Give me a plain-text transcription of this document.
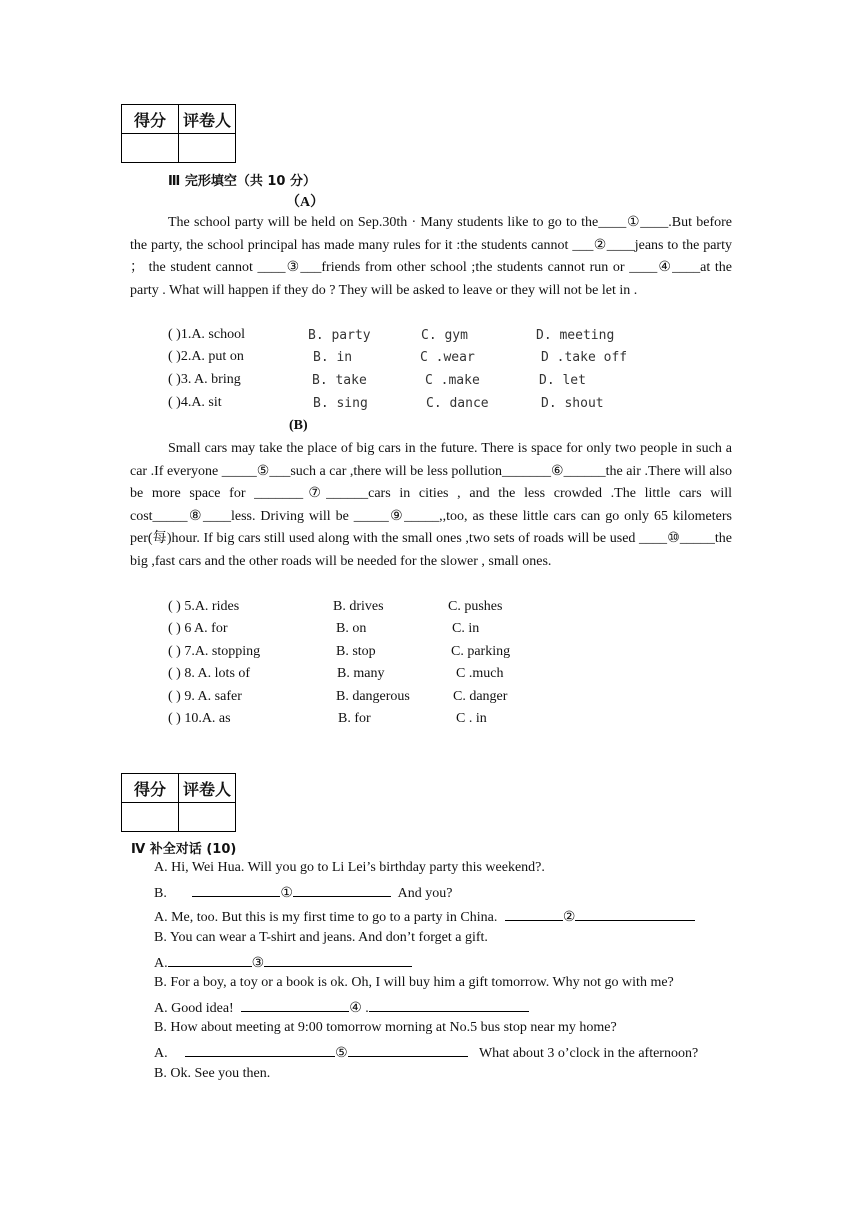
得分	评卷人

Ⅲ 完形填空（共 10 分）
（A）

The school party will be held on Sep.30th · Many students like to go to the____①____.But before the party, the school principal has made many rules for it :the students cannot ___②____jeans to the party ； the student cannot ____③___friends from other school ;the students cannot run or ____④____at the party . What will happen if they do ? They will be asked to leave or they will not be let in .

( )1.A. school	B. party	C. gym	D. meeting
( )2.A. put on	B. in	C .wear	D .take off
( )3. A. bring	B. take	C .make	D. let
( )4.A. sit	B. sing	C. dance	D. shout
(B)

Small cars may take the place of big cars in the future. There is space for only two people in such a car .If everyone _____⑤___such a car ,there will be less pollution_______⑥______the air .There will also be more space for _______⑦______cars in cities , and the less crowded .The little cars will cost_____⑧____less. Driving will be _____⑨_____,,too, as these little cars can go only 65 kilometers per(每)hour. If big cars still used along with the small ones ,two sets of roads will be used ____⑩_____the big ,fast cars and the other roads will be needed for the slower , small ones.

( ) 5.A. rides	B. drives	C. pushes
( ) 6 A. for	B. on	C. in
( ) 7.A. stopping	B. stop	C. parking
( ) 8. A. lots of	B. many	C .much
( ) 9. A. safer	B. dangerous	C. danger
( ) 10.A. as	B. for	C . in
得分	评卷人

Ⅳ 补全对话 (10)
A. Hi, Wei Hua. Will you go to Li Lei’s birthday party this weekend?.
B.	①	And you?
A. Me, too. But this is my first time to go to a party in China.	②
B. You can wear a T-shirt and jeans. And don’t forget a gift.
A.	③
B. For a boy, a toy or a book is ok. Oh, I will buy him a gift tomorrow. Why not go with me?
A. Good idea!	④ .
B. How about meeting at 9:00 tomorrow morning at No.5 bus stop near my home?
A.	⑤	What about 3 o’clock in the afternoon?
B. Ok. See you then.
